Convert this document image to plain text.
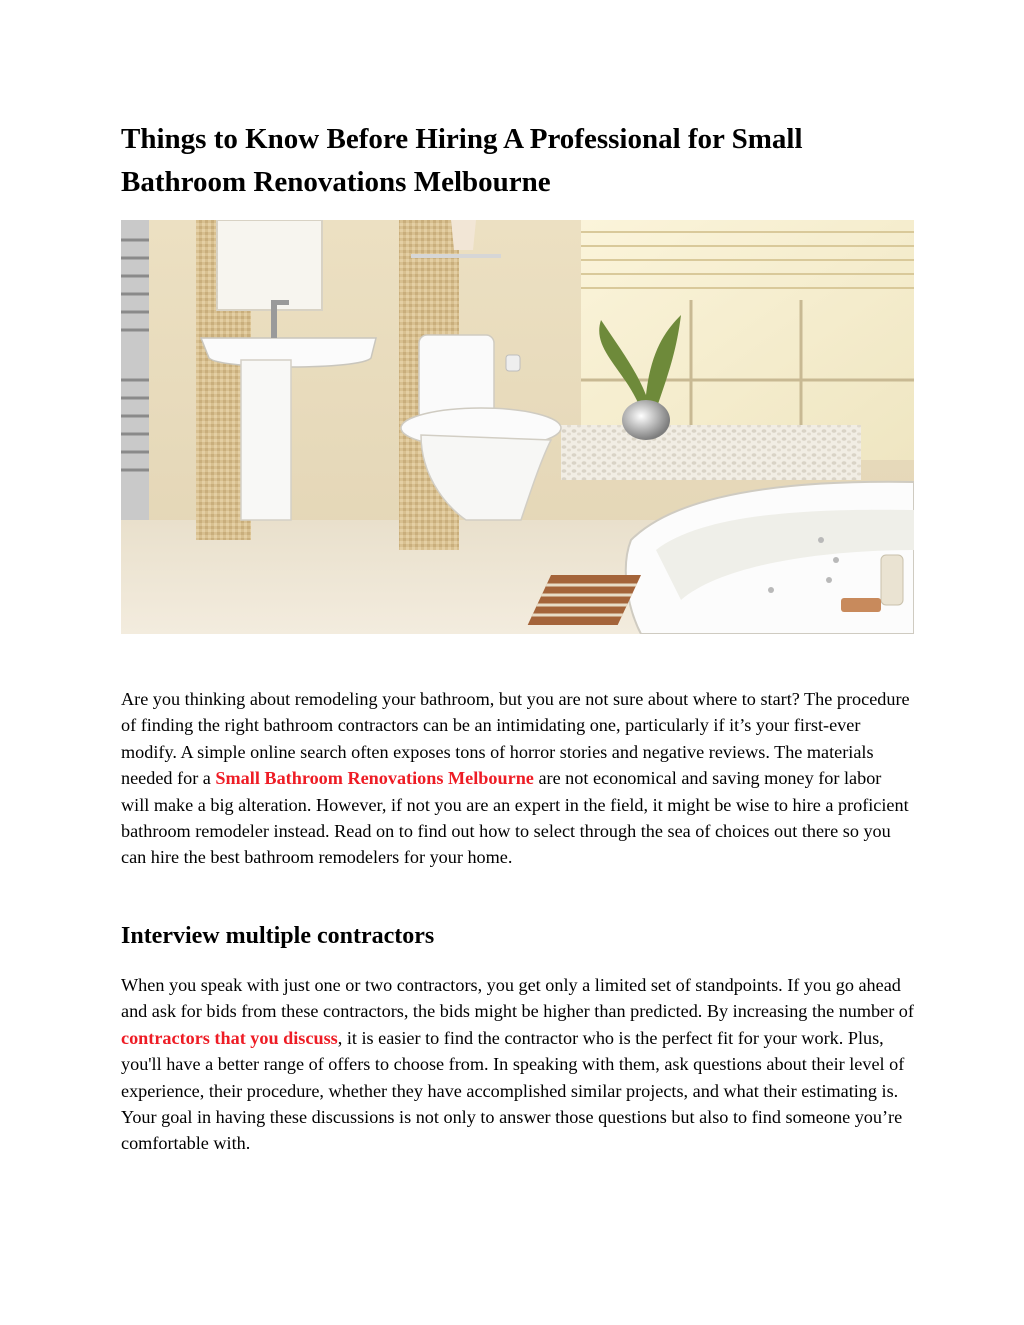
Things to Know Before Hiring A Professional for Small Bathroom Renovations Melbourne

Are you thinking about remodeling your bathroom, but you are not sure about where to start? The procedure of finding the right bathroom contractors can be an intimidating one, particularly if it’s your first-ever modify. A simple online search often exposes tons of horror stories and negative reviews. The materials needed for a Small Bathroom Renovations Melbourne are not economical and saving money for labor will make a big alteration. However, if not you are an expert in the field, it might be wise to hire a proficient bathroom remodeler instead. Read on to find out how to select through the sea of choices out there so you can hire the best bathroom remodelers for your home.

Interview multiple contractors

When you speak with just one or two contractors, you get only a limited set of standpoints. If you go ahead and ask for bids from these contractors, the bids might be higher than predicted. By increasing the number of contractors that you discuss, it is easier to find the contractor who is the perfect fit for your work. Plus, you'll have a better range of offers to choose from. In speaking with them, ask questions about their level of experience, their procedure, whether they have accomplished similar projects, and what their estimating is. Your goal in having these discussions is not only to answer those questions but also to find someone you’re comfortable with.
